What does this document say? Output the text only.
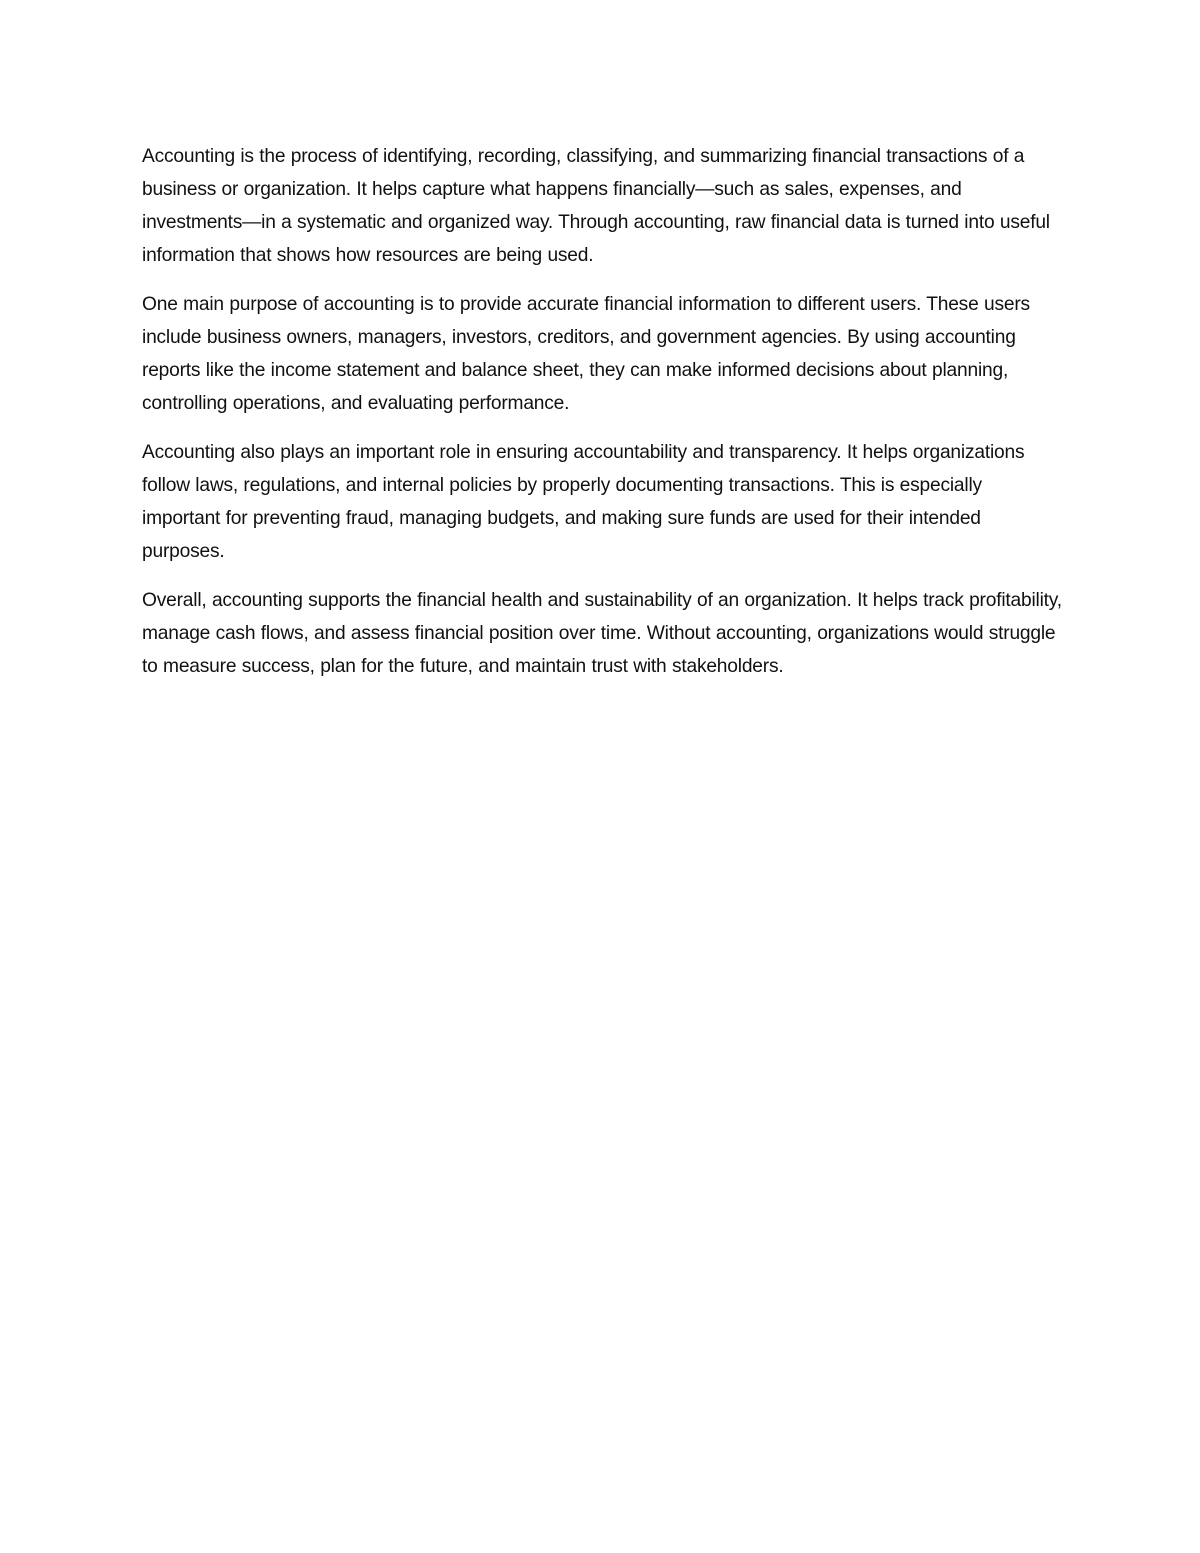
Accounting is the process of identifying, recording, classifying, and summarizing financial transactions of a business or organization. It helps capture what happens financially—such as sales, expenses, and investments—in a systematic and organized way. Through accounting, raw financial data is turned into useful information that shows how resources are being used.

One main purpose of accounting is to provide accurate financial information to different users. These users include business owners, managers, investors, creditors, and government agencies. By using accounting reports like the income statement and balance sheet, they can make informed decisions about planning, controlling operations, and evaluating performance.

Accounting also plays an important role in ensuring accountability and transparency. It helps organizations follow laws, regulations, and internal policies by properly documenting transactions. This is especially important for preventing fraud, managing budgets, and making sure funds are used for their intended purposes.

Overall, accounting supports the financial health and sustainability of an organization. It helps track profitability, manage cash flows, and assess financial position over time. Without accounting, organizations would struggle to measure success, plan for the future, and maintain trust with stakeholders.
